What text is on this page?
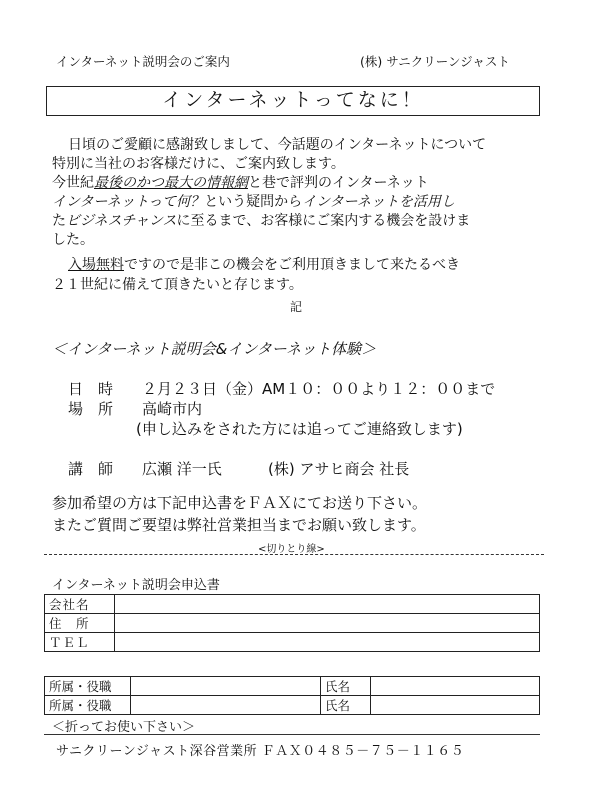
インターネット説明会のご案内	(株) サニクリーンジャスト
インターネットってなに！
日頃のご愛顧に感謝致しまして、今話題のインターネットについて
特別に当社のお客様だけに、ご案内致します。
今世紀最後のかつ最大の情報網と巷で評判のインターネット
インターネットって何？という疑問からインターネットを活用し
たビジネスチャンスに至るまで、お客様にご案内する機会を設けま
した。
入場無料ですので是非この機会をご利用頂きまして来たるべき
２１世紀に備えて頂きたいと存じます。
記
＜インターネット説明会&インターネット体験＞
日　時 ２月２３日（金）AM１０：００より１２：００まで
場　所 高崎市内
(申し込みをされた方には追ってご連絡致します)
講　師 広瀬 洋一氏	(株) アサヒ商会 社長
参加希望の方は下記申込書をＦＡＸにてお送り下さい。
またご質問ご要望は弊社営業担当までお願い致します。
<切りとり線>
インターネット説明会申込書
会社名	
住　所	
ＴＥＬ	
所属・役職		氏名	
所属・役職		氏名	
＜折ってお使い下さい＞
サニクリーンジャスト深谷営業所 ＦＡＸ０４８５－７５－１１６５
